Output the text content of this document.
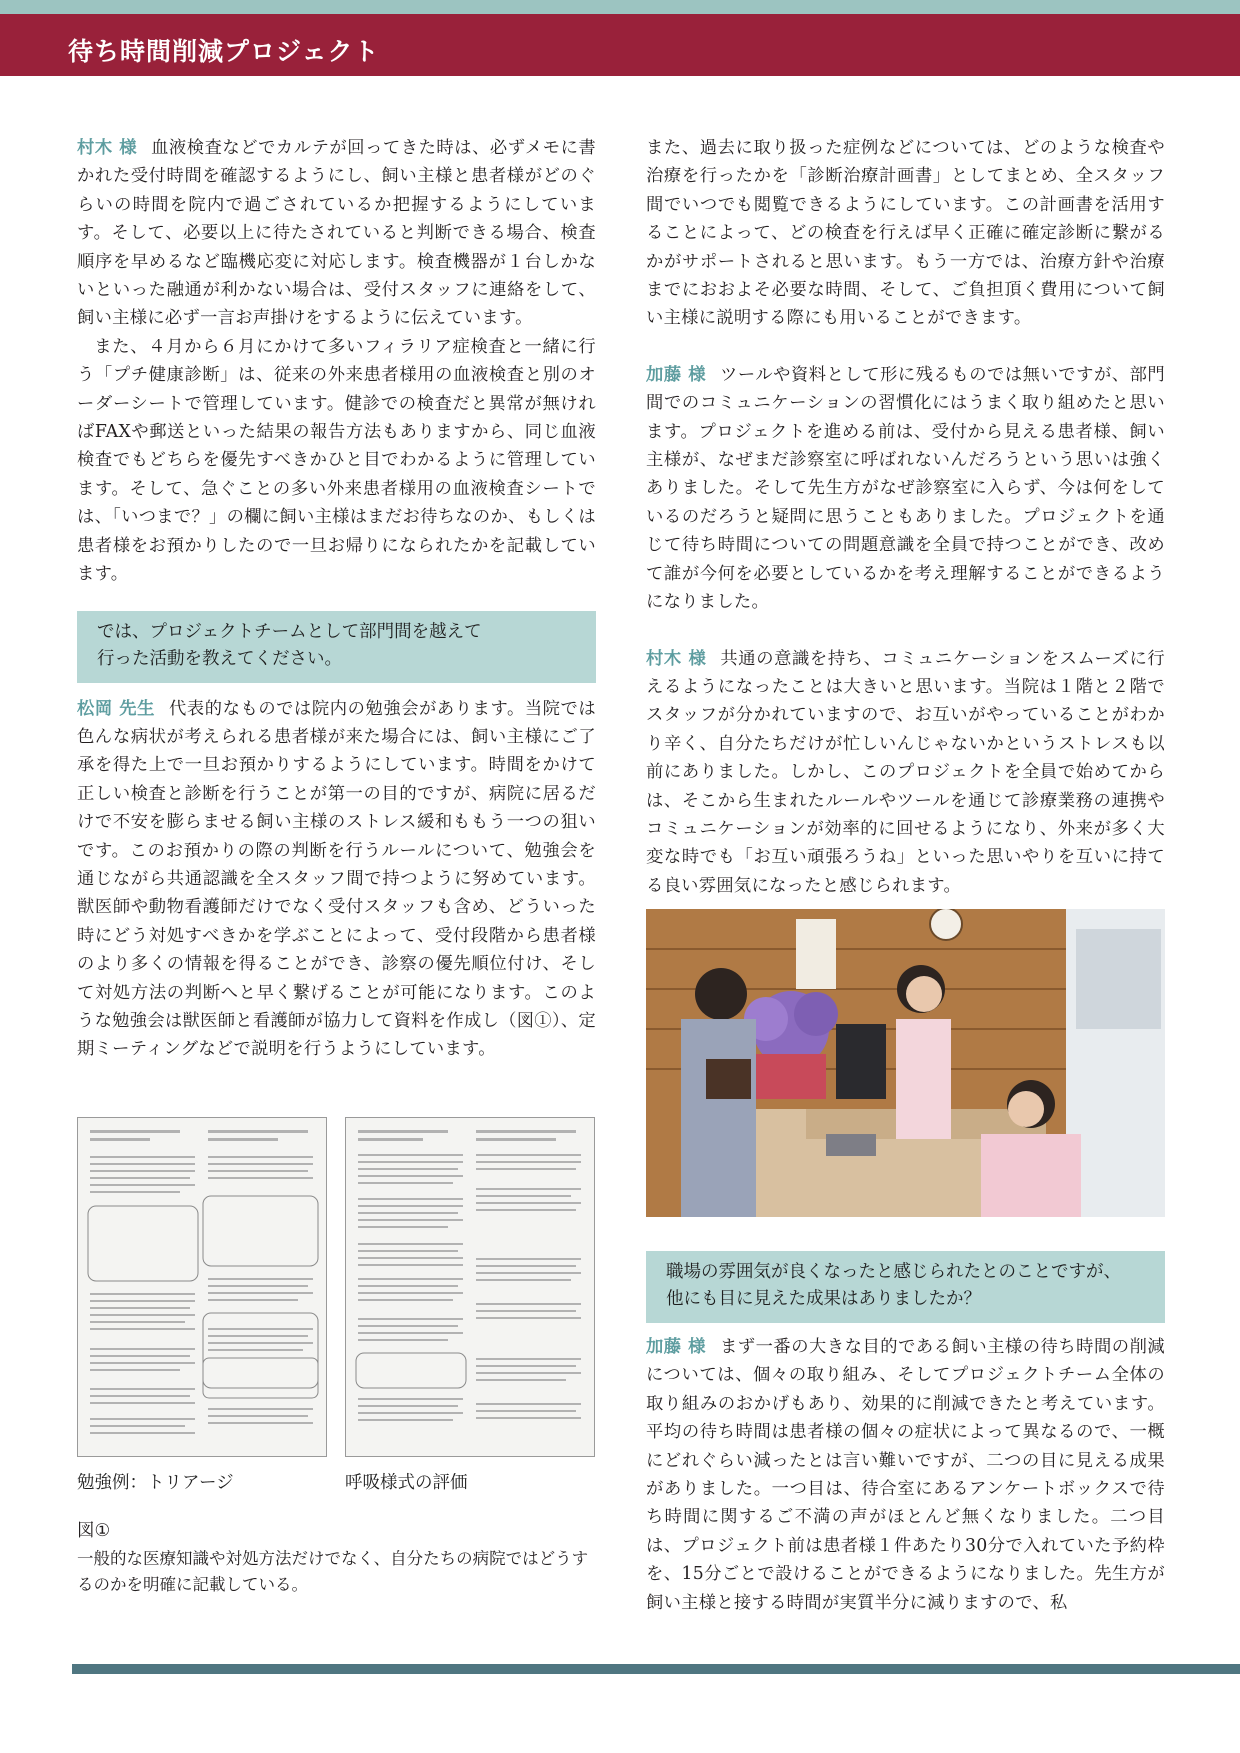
待ち時間削減プロジェクト

村木 様 血液検査などでカルテが回ってきた時は、必ずメモに書かれた受付時間を確認するようにし、飼い主様と患者様がどのぐらいの時間を院内で過ごされているか把握するようにしています。そして、必要以上に待たされていると判断できる場合、検査順序を早めるなど臨機応変に対応します。検査機器が１台しかないといった融通が利かない場合は、受付スタッフに連絡をして、飼い主様に必ず一言お声掛けをするように伝えています。

また、４月から６月にかけて多いフィラリア症検査と一緒に行う「プチ健康診断」は、従来の外来患者様用の血液検査と別のオーダーシートで管理しています。健診での検査だと異常が無ければFAXや郵送といった結果の報告方法もありますから、同じ血液検査でもどちらを優先すべきかひと目でわかるように管理しています。そして、急ぐことの多い外来患者様用の血液検査シートでは、「いつまで？」の欄に飼い主様はまだお待ちなのか、もしくは患者様をお預かりしたので一旦お帰りになられたかを記載しています。

では、プロジェクトチームとして部門間を越えて
行った活動を教えてください。

松岡 先生 代表的なものでは院内の勉強会があります。当院では色んな病状が考えられる患者様が来た場合には、飼い主様にご了承を得た上で一旦お預かりするようにしています。時間をかけて正しい検査と診断を行うことが第一の目的ですが、病院に居るだけで不安を膨らませる飼い主様のストレス緩和ももう一つの狙いです。このお預かりの際の判断を行うルールについて、勉強会を通じながら共通認識を全スタッフ間で持つように努めています。獣医師や動物看護師だけでなく受付スタッフも含め、どういった時にどう対処すべきかを学ぶことによって、受付段階から患者様のより多くの情報を得ることができ、診察の優先順位付け、そして対処方法の判断へと早く繋げることが可能になります。このような勉強会は獣医師と看護師が協力して資料を作成し（図①）、定期ミーティングなどで説明を行うようにしています。

勉強例：トリアージ	呼吸様式の評価
図①

一般的な医療知識や対処方法だけでなく、自分たちの病院ではどうするのかを明確に記載している。

また、過去に取り扱った症例などについては、どのような検査や治療を行ったかを「診断治療計画書」としてまとめ、全スタッフ間でいつでも閲覧できるようにしています。この計画書を活用することによって、どの検査を行えば早く正確に確定診断に繋がるかがサポートされると思います。もう一方では、治療方針や治療までにおおよそ必要な時間、そして、ご負担頂く費用について飼い主様に説明する際にも用いることができます。

加藤 様 ツールや資料として形に残るものでは無いですが、部門間でのコミュニケーションの習慣化にはうまく取り組めたと思います。プロジェクトを進める前は、受付から見える患者様、飼い主様が、なぜまだ診察室に呼ばれないんだろうという思いは強くありました。そして先生方がなぜ診察室に入らず、今は何をしているのだろうと疑問に思うこともありました。プロジェクトを通じて待ち時間についての問題意識を全員で持つことができ、改めて誰が今何を必要としているかを考え理解することができるようになりました。

村木 様 共通の意識を持ち、コミュニケーションをスムーズに行えるようになったことは大きいと思います。当院は１階と２階でスタッフが分かれていますので、お互いがやっていることがわかり辛く、自分たちだけが忙しいんじゃないかというストレスも以前にありました。しかし、このプロジェクトを全員で始めてからは、そこから生まれたルールやツールを通じて診療業務の連携やコミュニケーションが効率的に回せるようになり、外来が多く大変な時でも「お互い頑張ろうね」といった思いやりを互いに持てる良い雰囲気になったと感じられます。

職場の雰囲気が良くなったと感じられたとのことですが、
他にも目に見えた成果はありましたか？

加藤 様 まず一番の大きな目的である飼い主様の待ち時間の削減については、個々の取り組み、そしてプロジェクトチーム全体の取り組みのおかげもあり、効果的に削減できたと考えています。平均の待ち時間は患者様の個々の症状によって異なるので、一概にどれぐらい減ったとは言い難いですが、二つの目に見える成果がありました。一つ目は、待合室にあるアンケートボックスで待ち時間に関するご不満の声がほとんど無くなりました。二つ目は、プロジェクト前は患者様１件あたり30分で入れていた予約枠を、15分ごとで設けることができるようになりました。先生方が飼い主様と接する時間が実質半分に減りますので、私
